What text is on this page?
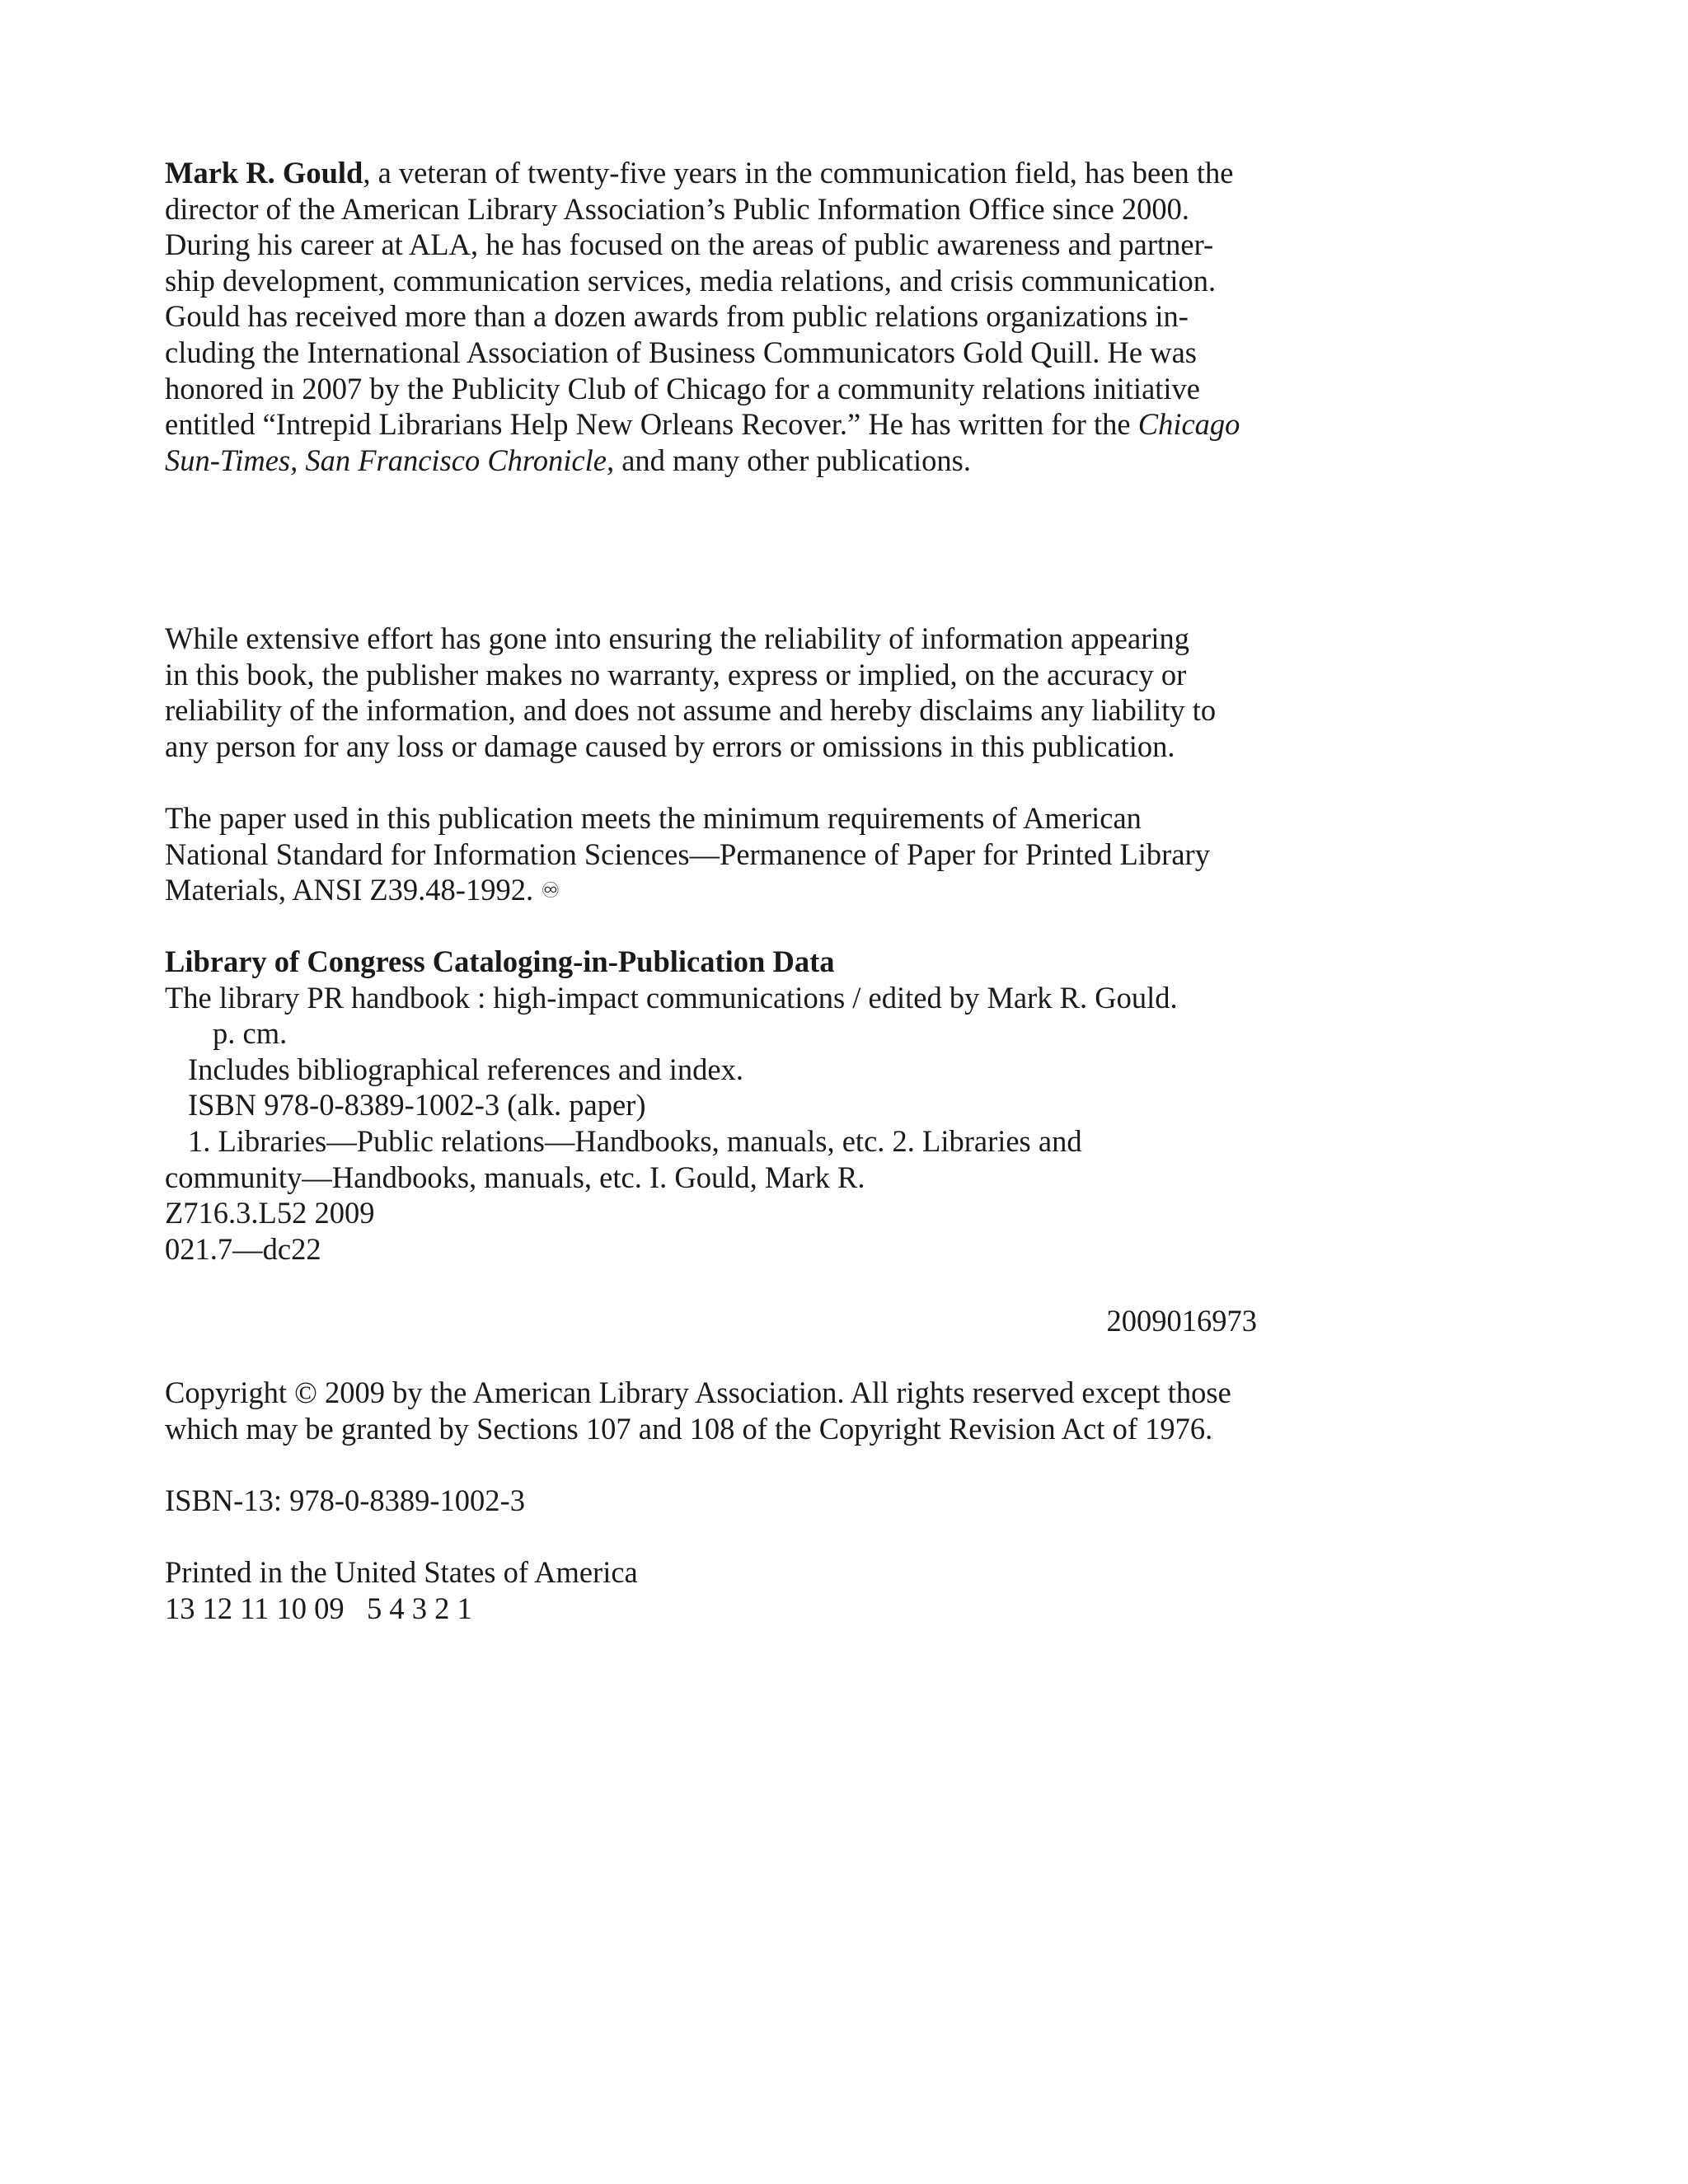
Mark R. Gould, a veteran of twenty-five years in the communication field, has been the
director of the American Library Association’s Public Information Office since 2000.
During his career at ALA, he has focused on the areas of public awareness and partner-
ship development, communication services, media relations, and crisis communication.
Gould has received more than a dozen awards from public relations organizations in-
cluding the International Association of Business Communicators Gold Quill. He was
honored in 2007 by the Publicity Club of Chicago for a community relations initiative
entitled “Intrepid Librarians Help New Orleans Recover.” He has written for the Chicago
Sun-Times, San Francisco Chronicle, and many other publications.
While extensive effort has gone into ensuring the reliability of information appearing
in this book, the publisher makes no warranty, express or implied, on the accuracy or
reliability of the information, and does not assume and hereby disclaims any liability to
any person for any loss or damage caused by errors or omissions in this publication.
The paper used in this publication meets the minimum requirements of American
National Standard for Information Sciences—Permanence of Paper for Printed Library
Materials, ANSI Z39.48-1992. ♾
Library of Congress Cataloging-in-Publication Data
The library PR handbook : high-impact communications / edited by Mark R. Gould.
p. cm.
Includes bibliographical references and index.
ISBN 978-0-8389-1002-3 (alk. paper)
1. Libraries—Public relations—Handbooks, manuals, etc. 2. Libraries and
community—Handbooks, manuals, etc. I. Gould, Mark R.
Z716.3.L52 2009
021.7—dc22
2009016973
Copyright © 2009 by the American Library Association. All rights reserved except those
which may be granted by Sections 107 and 108 of the Copyright Revision Act of 1976.
ISBN-13: 978-0-8389-1002-3
Printed in the United States of America
13 12 11 10 09   5 4 3 2 1
